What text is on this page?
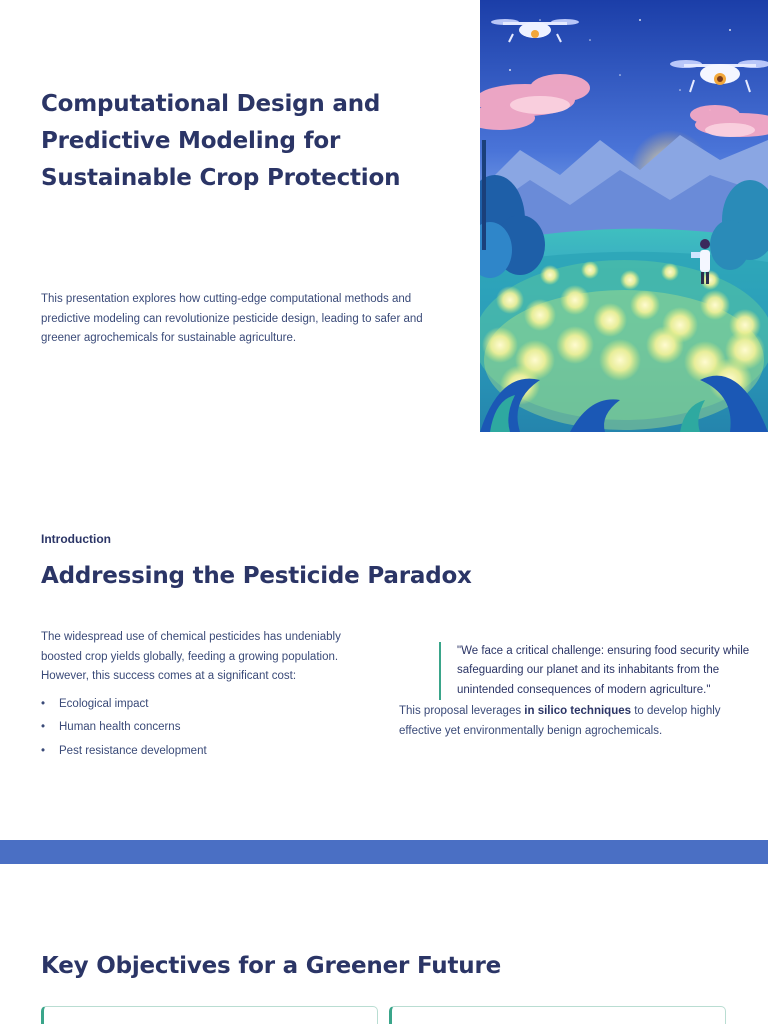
Computational Design and Predictive Modeling for Sustainable Crop Protection

This presentation explores how cutting-edge computational methods and predictive modeling can revolutionize pesticide design, leading to safer and greener agrochemicals for sustainable agriculture.

Introduction

Addressing the Pesticide Paradox

The widespread use of chemical pesticides has undeniably boosted crop yields globally, feeding a growing population. However, this success comes at a significant cost:

• Ecological impact
• Human health concerns
• Pest resistance development
"We face a critical challenge: ensuring food security while safeguarding our planet and its inhabitants from the unintended consequences of modern agriculture."

This proposal leverages in silico techniques to develop highly effective yet environmentally benign agrochemicals.

Key Objectives for a Greener Future
